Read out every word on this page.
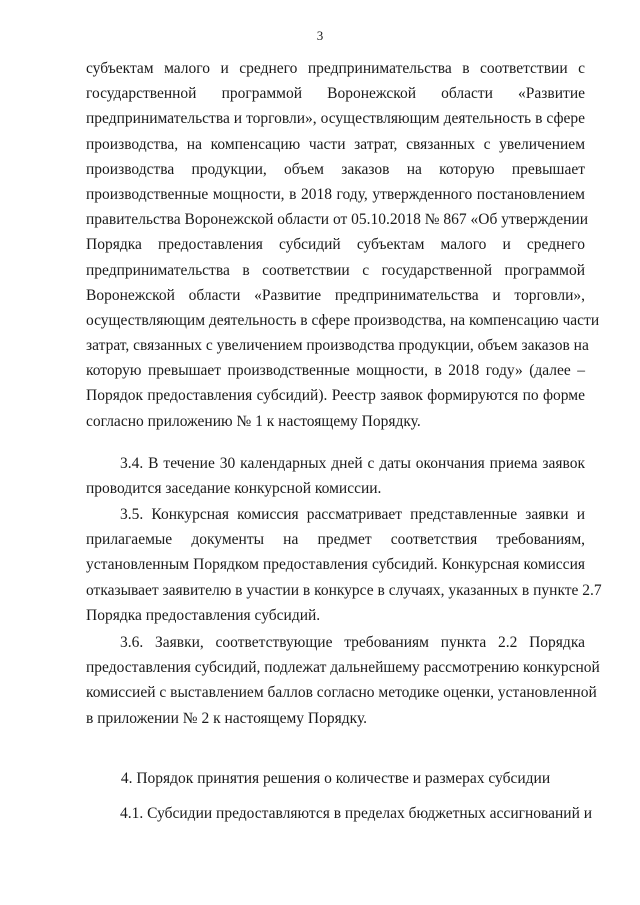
3
субъектам малого и среднего предпринимательства в соответствии с
государственной программой Воронежской области «Развитие
предпринимательства и торговли», осуществляющим деятельность в сфере
производства, на компенсацию части затрат, связанных с увеличением
производства продукции, объем заказов на которую превышает
производственные мощности, в 2018 году, утвержденного постановлением
правительства Воронежской области от 05.10.2018 № 867 «Об утверждении
Порядка предоставления субсидий субъектам малого и среднего
предпринимательства в соответствии с государственной программой
Воронежской области «Развитие предпринимательства и торговли»,
осуществляющим деятельность в сфере производства, на компенсацию части
затрат, связанных с увеличением производства продукции, объем заказов на
которую превышает производственные мощности, в 2018 году» (далее –
Порядок предоставления субсидий). Реестр заявок формируются по форме
согласно приложению № 1 к настоящему Порядку.
3.4. В течение 30 календарных дней с даты окончания приема заявок
проводится заседание конкурсной комиссии.
3.5. Конкурсная комиссия рассматривает представленные заявки и
прилагаемые документы на предмет соответствия требованиям,
установленным Порядком предоставления субсидий. Конкурсная комиссия
отказывает заявителю в участии в конкурсе в случаях, указанных в пункте 2.7
Порядка предоставления субсидий.
3.6. Заявки, соответствующие требованиям пункта 2.2 Порядка
предоставления субсидий, подлежат дальнейшему рассмотрению конкурсной
комиссией с выставлением баллов согласно методике оценки, установленной
в приложении № 2 к настоящему Порядку.
4. Порядок принятия решения о количестве и размерах субсидии
4.1. Субсидии предоставляются в пределах бюджетных ассигнований и
